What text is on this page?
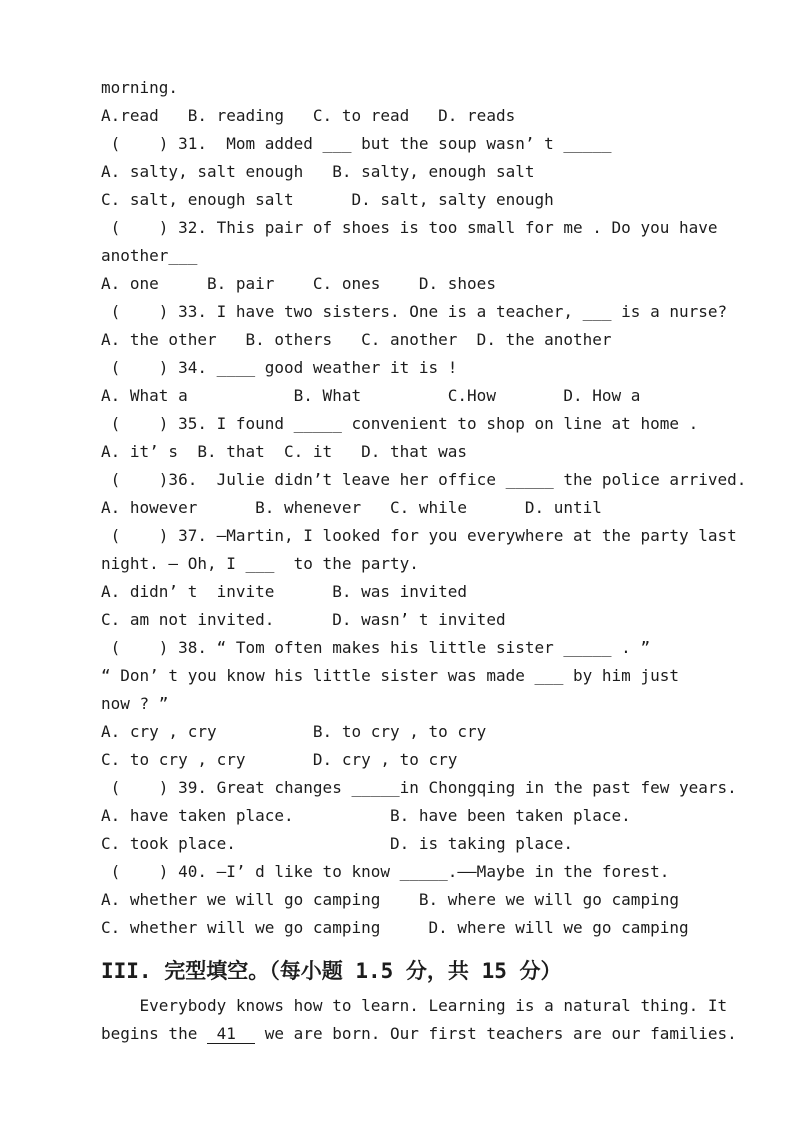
morning.
A.read   B. reading   C. to read   D. reads
(    ) 31.  Mom added ___ but the soup wasn’ t _____
A. salty, salt enough   B. salty, enough salt
C. salt, enough salt      D. salt, salty enough
(    ) 32. This pair of shoes is too small for me . Do you have
another___
A. one     B. pair    C. ones    D. shoes
(    ) 33. I have two sisters. One is a teacher, ___ is a nurse?
A. the other   B. others   C. another  D. the another
(    ) 34. ____ good weather it is !
A. What a           B. What         C.How       D. How a
(    ) 35. I found _____ convenient to shop on line at home .
A. it’ s  B. that  C. it   D. that was
(    )36.  Julie didn’t leave her office _____ the police arrived.
A. however      B. whenever   C. while      D. until
(    ) 37. —Martin, I looked for you everywhere at the party last
night. — Oh, I ___  to the party.
A. didn’ t  invite      B. was invited
C. am not invited.      D. wasn’ t invited
(    ) 38. “ Tom often makes his little sister _____ . ”
“ Don’ t you know his little sister was made ___ by him just
now ? ”
A. cry , cry          B. to cry , to cry
C. to cry , cry       D. cry , to cry
(    ) 39. Great changes _____in Chongqing in the past few years.
A. have taken place.          B. have been taken place.
C. took place.                D. is taking place.
(    ) 40. —I’ d like to know _____.——Maybe in the forest.
A. whether we will go camping    B. where we will go camping
C. whether will we go camping     D. where will we go camping
III. 完型填空。（每小题 1.5 分，共 15 分）
Everybody knows how to learn. Learning is a natural thing. It
begins the  41   we are born. Our first teachers are our families.
